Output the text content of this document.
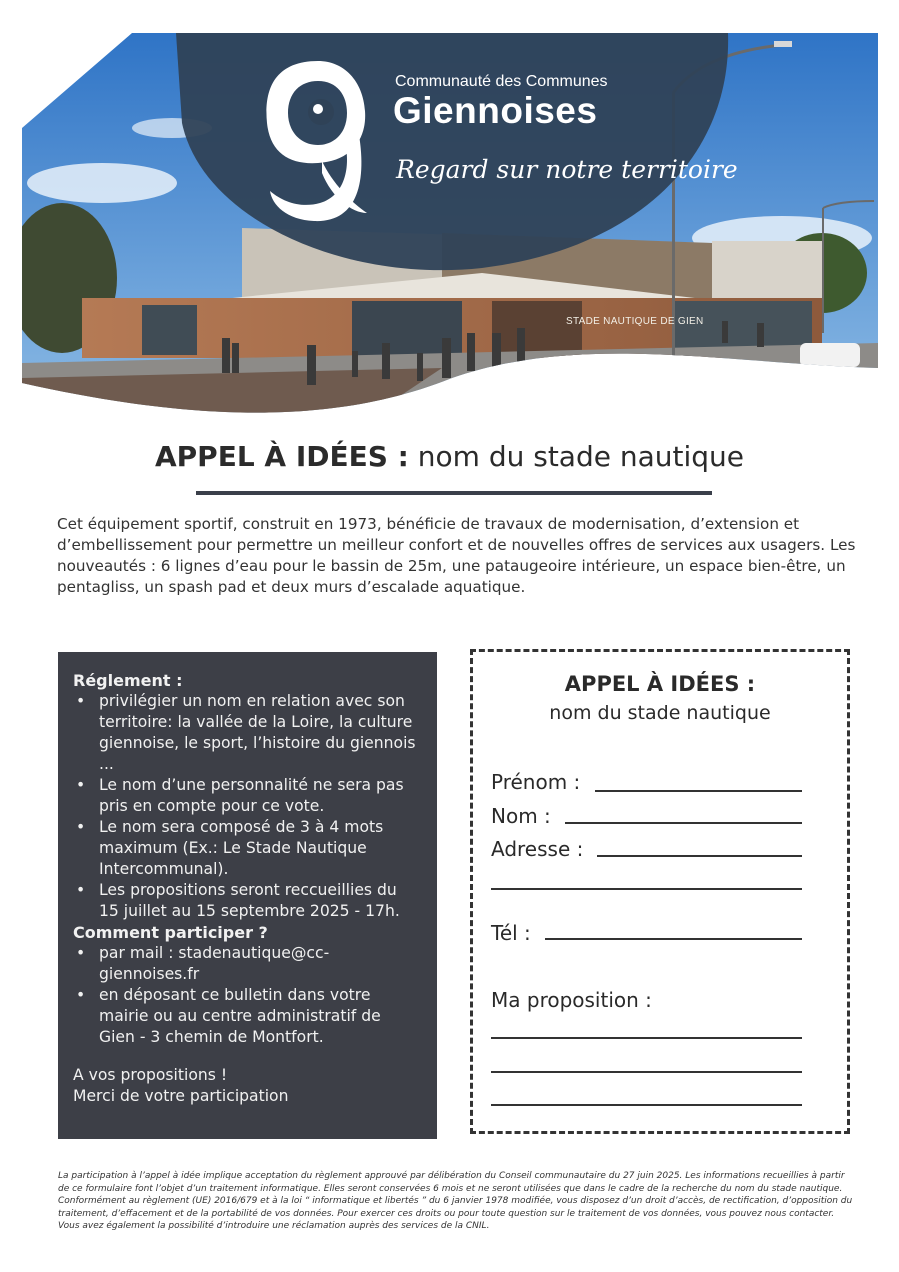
Communauté des Communes
Giennoises
Regard sur notre territoire
STADE NAUTIQUE DE GIEN
APPEL À IDÉES : nom du stade nautique
Cet équipement sportif, construit en 1973, bénéficie de travaux de modernisation, d’extension et d’embellissement pour permettre un meilleur confort et de nouvelles offres de services aux usagers. Les nouveautés : 6 lignes d’eau pour le bassin de 25m, une pataugeoire intérieure, un espace bien-être, un pentagliss, un spash pad et deux murs d’escalade aquatique.
Réglement :
• privilégier un nom en relation avec son territoire: la vallée de la Loire, la culture giennoise, le sport, l’histoire du giennois ...
• Le nom d’une personnalité ne sera pas pris en compte pour ce vote.
• Le nom sera composé de 3 à 4 mots maximum (Ex.: Le Stade Nautique Intercommunal).
• Les propositions seront reccueillies du 15 juillet au 15 septembre 2025 - 17h.
Comment participer ?
• par mail : stadenautique@cc-giennoises.fr
• en déposant ce bulletin dans votre mairie ou au centre administratif de Gien - 3 chemin de Montfort.
A vos propositions !
Merci de votre participation
APPEL À IDÉES :
nom du stade nautique
Prénom :
Nom :
Adresse :
Tél :
Ma proposition :
La participation à l’appel à idée implique acceptation du règlement approuvé par délibération du Conseil communautaire du 27 juin 2025. Les informations recueillies à partir de ce formulaire font l’objet d’un traitement informatique. Elles seront conservées 6 mois et ne seront utilisées que dans le cadre de la recherche du nom du stade nautique. Conformément au règlement (UE) 2016/679 et à la loi “ informatique et libertés ” du 6 janvier 1978 modifiée, vous disposez d’un droit d’accès, de rectification, d’opposition du traitement, d’effacement et de la portabilité de vos données. Pour exercer ces droits ou pour toute question sur le traitement de vos données, vous pouvez nous contacter. Vous avez également la possibilité d’introduire une réclamation auprès des services de la CNIL.
